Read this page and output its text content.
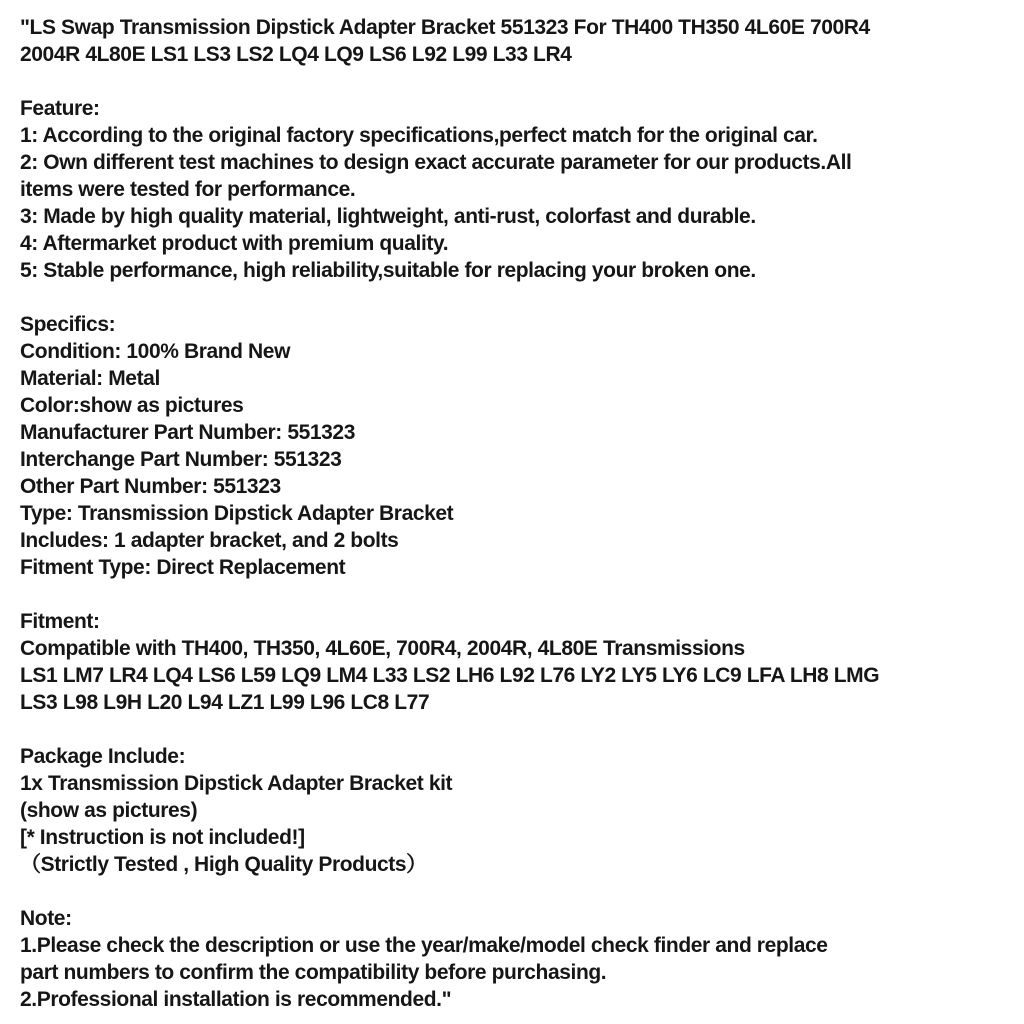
"LS Swap Transmission Dipstick Adapter Bracket 551323 For TH400 TH350 4L60E 700R4
2004R 4L80E LS1 LS3 LS2 LQ4 LQ9 LS6 L92 L99 L33 LR4
Feature:
1: According to the original factory specifications,perfect match for the original car.
2: Own different test machines to design exact accurate parameter for our products.All
items were tested for performance.
3: Made by high quality material, lightweight, anti-rust, colorfast and durable.
4: Aftermarket product with premium quality.
5: Stable performance, high reliability,suitable for replacing your broken one.
Specifics:
Condition: 100% Brand New
Material: Metal
Color:show as pictures
Manufacturer Part Number: 551323
Interchange Part Number: 551323
Other Part Number: 551323
Type: Transmission Dipstick Adapter Bracket
Includes: 1 adapter bracket, and 2 bolts
Fitment Type: Direct Replacement
Fitment:
Compatible with TH400, TH350, 4L60E, 700R4, 2004R, 4L80E Transmissions
LS1 LM7 LR4 LQ4 LS6 L59 LQ9 LM4 L33 LS2 LH6 L92 L76 LY2 LY5 LY6 LC9 LFA LH8 LMG
LS3 L98 L9H L20 L94 LZ1 L99 L96 LC8 L77
Package Include:
1x Transmission Dipstick Adapter Bracket kit
(show as pictures)
[* Instruction is not included!]
（Strictly Tested , High Quality Products）
Note:
1.Please check the description or use the year/make/model check finder and replace
part numbers to confirm the compatibility before purchasing.
2.Professional installation is recommended."
